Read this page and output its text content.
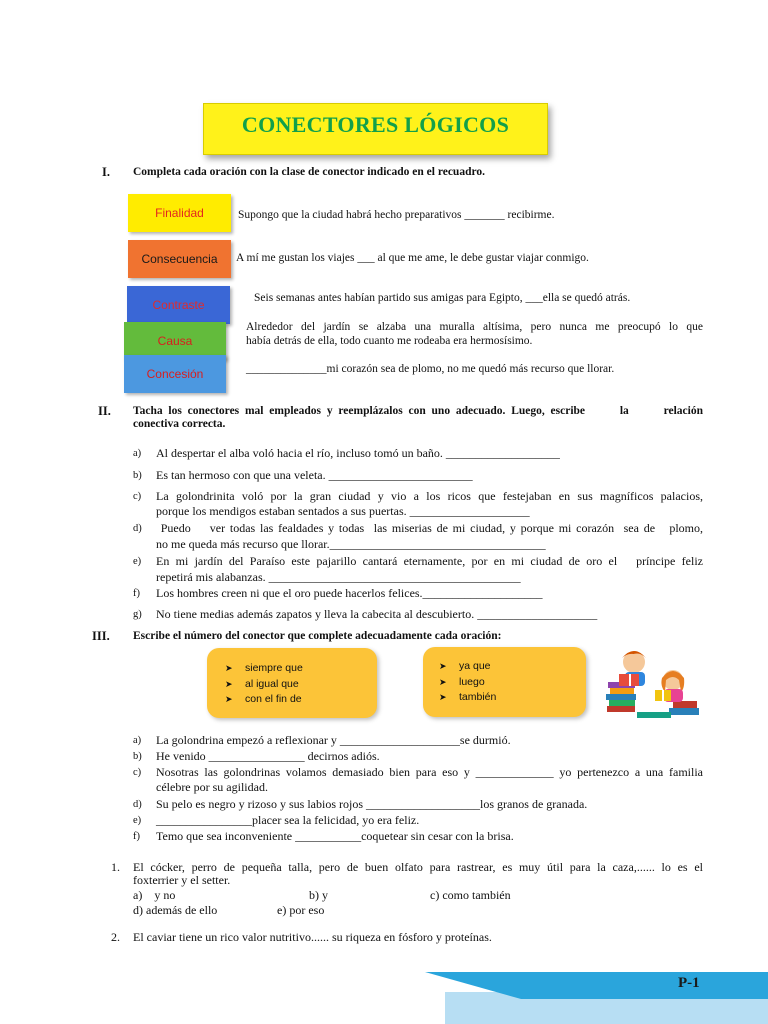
CONECTORES LÓGICOS
I. Completa cada oración con la clase de conector indicado en el recuadro.
Finalidad
Consecuencia
Contraste
Causa
Concesión
Supongo que la ciudad habrá hecho preparativos _______ recibirme.
A mí me gustan los viajes ___ al que me ame, le debe gustar viajar conmigo.
Seis semanas antes habían partido sus amigas para Egipto, ___ella se quedó atrás.
Alrededor del jardín se alzaba una muralla altísima, pero nunca me preocupó lo que
había detrás de ella, todo cuanto me rodeaba era hermosísimo.
______________mi corazón sea de plomo, no me quedó más recurso que llorar.
II. Tacha los conectores mal empleados y reemplázalos con uno adecuado. Luego, escribe      la      relación
conectiva correcta.
a) Al despertar el alba voló hacia el río, incluso tomó un baño. ___________________
b) Es tan hermoso con que una veleta. ________________________
c) La golondrinita voló por la gran ciudad y vio a los ricos que festejaban en sus magníficos palacios,
porque los mendigos estaban sentados a sus puertas. ____________________
d) Puedo    ver todas las fealdades y todas  las miserias de mi ciudad, y porque mi corazón  sea de   plomo,
no me queda más recurso que llorar.____________________________________
e) En mi jardín del Paraíso este pajarillo cantará eternamente, por en mi ciudad de oro el   príncipe feliz
repetirá mis alabanzas. __________________________________________
f) Los hombres creen ni que el oro puede hacerlos felices.____________________
g) No tiene medias además zapatos y lleva la cabecita al descubierto. ____________________
III. Escribe el número del conector que complete adecuadamente cada oración:
➤	siempre que
➤	al igual que
➤	con el fin de
➤	ya que
➤	luego
➤	también
a) La golondrina empezó a reflexionar y ____________________se durmió.
b) He venido ________________ decirnos adiós.
c) Nosotras las golondrinas volamos demasiado bien para eso y _____________ yo pertenezco a una familia
célebre por su agilidad.
d) Su pelo es negro y rizoso y sus labios rojos ___________________los granos de granada.
e) ________________placer sea la felicidad, yo era feliz.
f) Temo que sea inconveniente ___________coquetear sin cesar con la brisa.
1. El cócker, perro de pequeña talla, pero de buen olfato para rastrear, es muy útil para la caza,...... lo es el
foxterrier y el setter.
a)    y no	b) y	c) como también
d) además de ello	e) por eso
2. El caviar tiene un rico valor nutritivo...... su riqueza en fósforo y proteínas.
P-1
